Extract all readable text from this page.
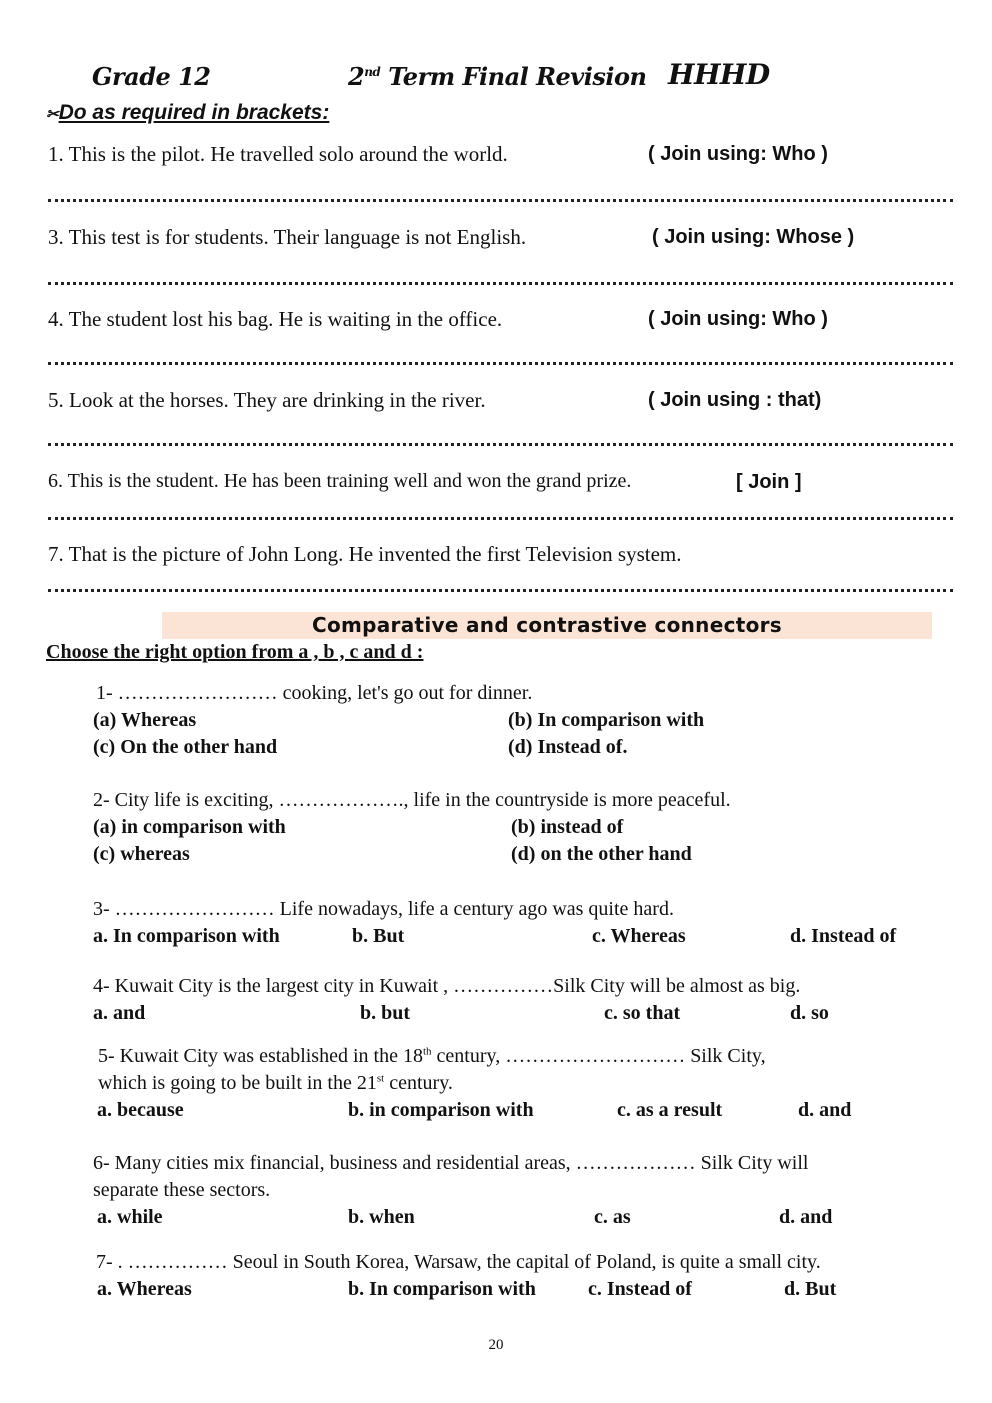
Grade 12	2nd Term Final Revision HHHD
✂Do as required in brackets:
1. This is the pilot. He travelled solo around the world.	( Join using: Who )
3. This test is for students. Their language is not English.	( Join using: Whose )
4. The student lost his bag. He is waiting in the office.	( Join using: Who )
5. Look at the horses. They are drinking in the river.	( Join using : that)
6. This is the student. He has been training well and won the grand prize.	[ Join ]
7. That is the picture of John Long. He invented the first Television system.
Comparative and contrastive connectors
Choose the right option from a , b , c and d :
1- …………………… cooking, let's go out for dinner.
(a) Whereas	(b) In comparison with
(c) On the other hand	(d) Instead of.
2- City life is exciting, ………………., life in the countryside is more peaceful.
(a) in comparison with	(b) instead of
(c) whereas	(d) on the other hand
3- …………………… Life nowadays, life a century ago was quite hard.
a. In comparison with	b. But	c. Whereas	d. Instead of
4- Kuwait City is the largest city in Kuwait , ……………Silk City will be almost as big.
a. and	b. but	c. so that	d. so
5- Kuwait City was established in the 18th century, ……………………… Silk City,
which is going to be built in the 21st century.
a. because	b. in comparison with	c. as a result	d. and
6- Many cities mix financial, business and residential areas, ……………… Silk City will
separate these sectors.
a. while	b. when	c. as	d. and
7- . …………… Seoul in South Korea, Warsaw, the capital of Poland, is quite a small city.
a. Whereas	b. In comparison with	c. Instead of	d. But
20
